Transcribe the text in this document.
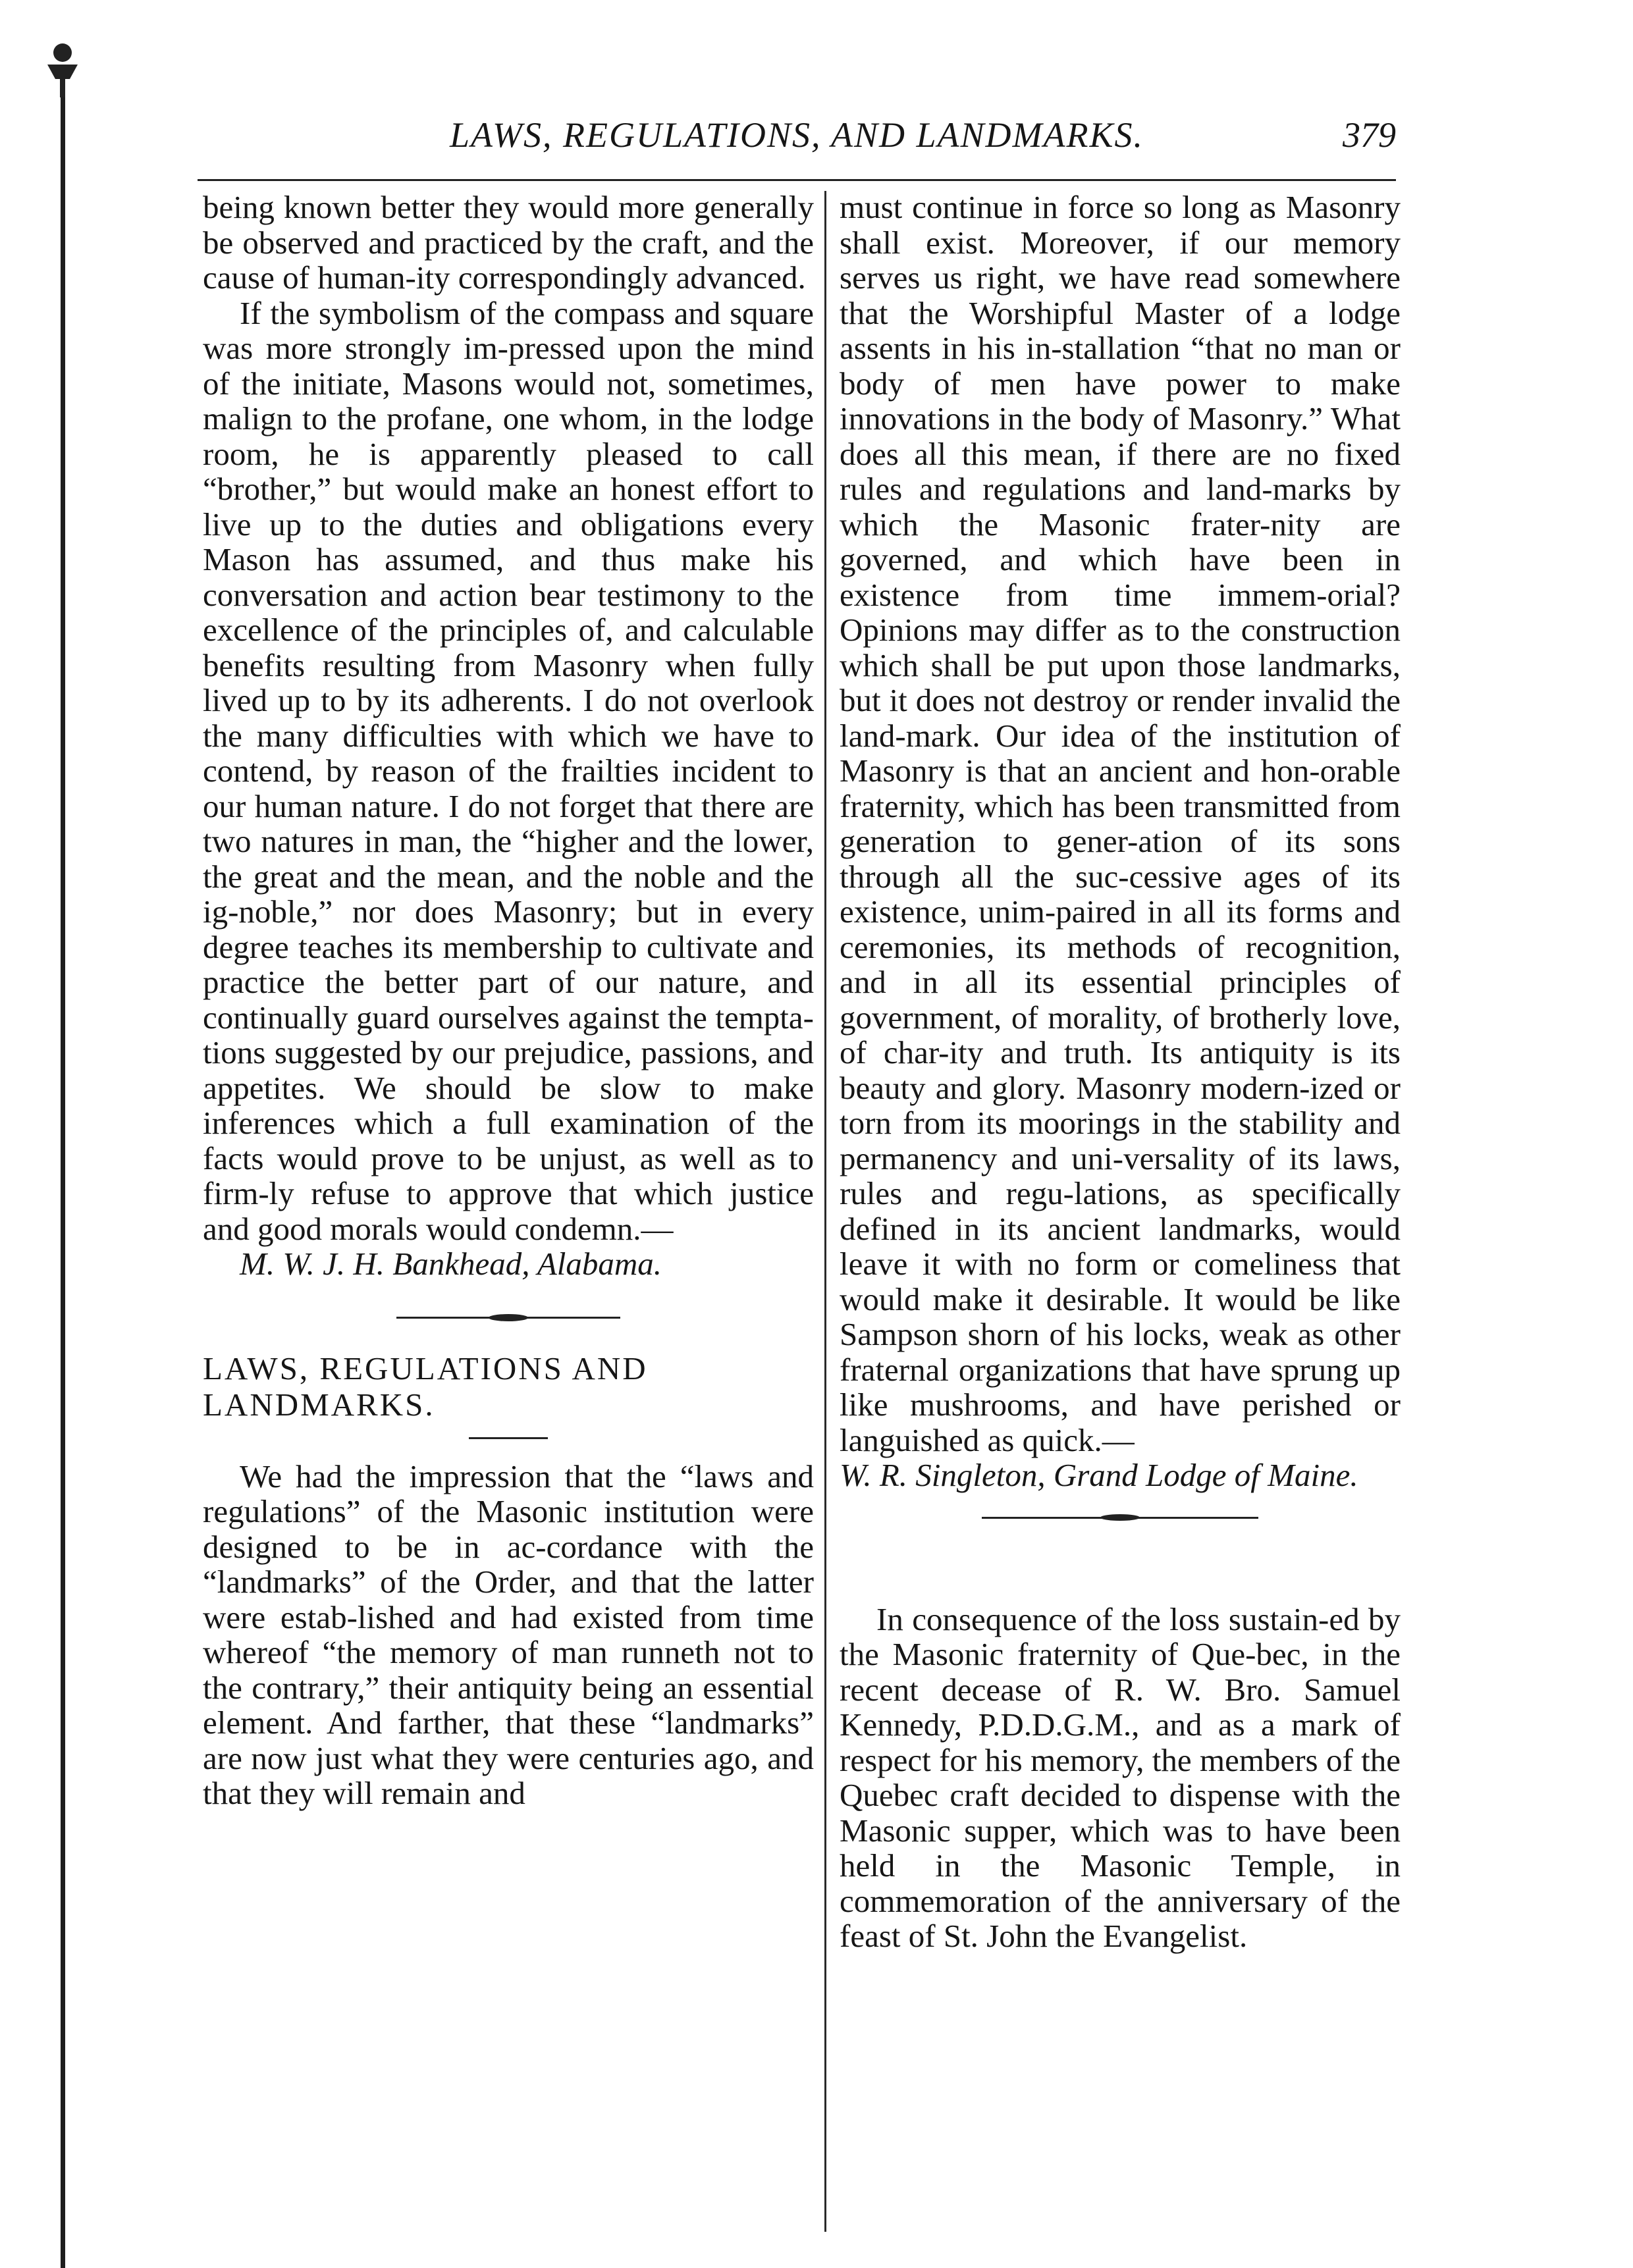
LAWS, REGULATIONS, AND LANDMARKS.	379

being known better they would more generally be observed and practiced by the craft, and the cause of human-ity correspondingly advanced.

If the symbolism of the compass and square was more strongly im-pressed upon the mind of the initiate, Masons would not, sometimes, malign to the profane, one whom, in the lodge room, he is apparently pleased to call “brother,” but would make an honest effort to live up to the duties and obligations every Mason has assumed, and thus make his conversation and action bear testimony to the excellence of the principles of, and calculable benefits resulting from Masonry when fully lived up to by its adherents. I do not overlook the many difficulties with which we have to contend, by reason of the frailties incident to our human nature. I do not forget that there are two natures in man, the “higher and the lower, the great and the mean, and the noble and the ig-noble,” nor does Masonry; but in every degree teaches its membership to cultivate and practice the better part of our nature, and continually guard ourselves against the tempta-tions suggested by our prejudice, passions, and appetites. We should be slow to make inferences which a full examination of the facts would prove to be unjust, as well as to firm-ly refuse to approve that which justice and good morals would condemn.—

M. W. J. H. Bankhead, Alabama.

LAWS, REGULATIONS AND

LANDMARKS.

We had the impression that the “laws and regulations” of the Masonic institution were designed to be in ac-cordance with the “landmarks” of the Order, and that the latter were estab-lished and had existed from time whereof “the memory of man runneth not to the contrary,” their antiquity being an essential element. And farther, that these “landmarks” are now just what they were centuries ago, and that they will remain and

must continue in force so long as Masonry shall exist. Moreover, if our memory serves us right, we have read somewhere that the Worshipful Master of a lodge assents in his in-stallation “that no man or body of men have power to make innovations in the body of Masonry.” What does all this mean, if there are no fixed rules and regulations and land-marks by which the Masonic frater-nity are governed, and which have been in existence from time immem-orial? Opinions may differ as to the construction which shall be put upon those landmarks, but it does not destroy or render invalid the land-mark. Our idea of the institution of Masonry is that an ancient and hon-orable fraternity, which has been transmitted from generation to gener-ation of its sons through all the suc-cessive ages of its existence, unim-paired in all its forms and ceremonies, its methods of recognition, and in all its essential principles of government, of morality, of brotherly love, of char-ity and truth. Its antiquity is its beauty and glory. Masonry modern-ized or torn from its moorings in the stability and permanency and uni-versality of its laws, rules and regu-lations, as specifically defined in its ancient landmarks, would leave it with no form or comeliness that would make it desirable. It would be like Sampson shorn of his locks, weak as other fraternal organizations that have sprung up like mushrooms, and have perished or languished as quick.—

W. R. Singleton, Grand Lodge of Maine.

In consequence of the loss sustain-ed by the Masonic fraternity of Que-bec, in the recent decease of R. W. Bro. Samuel Kennedy, P.D.D.G.M., and as a mark of respect for his memory, the members of the Quebec craft decided to dispense with the Masonic supper, which was to have been held in the Masonic Temple, in commemoration of the anniversary of the feast of St. John the Evangelist.
